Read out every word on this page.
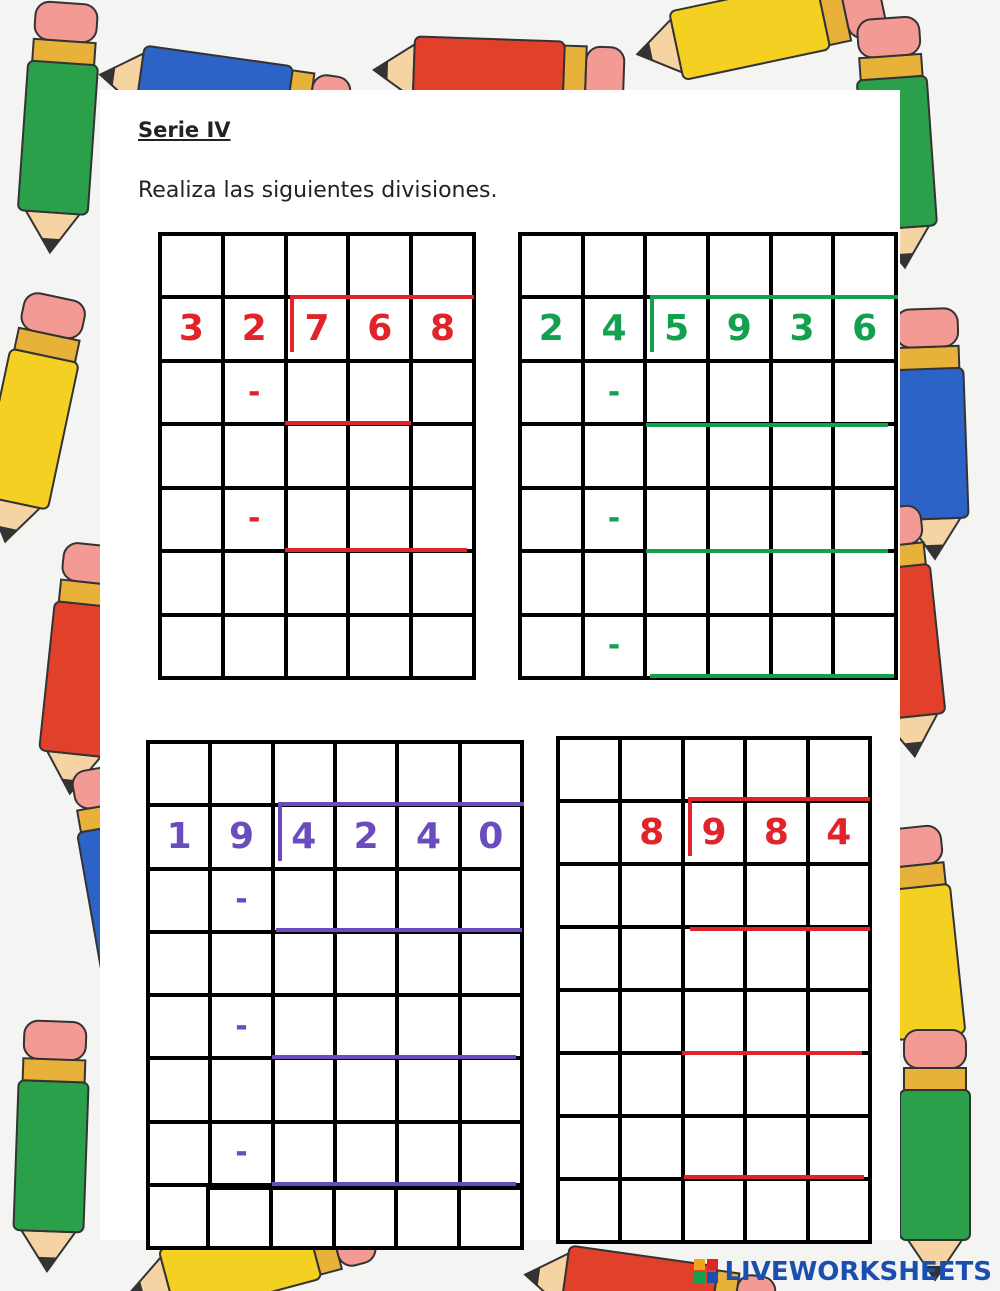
Serie IV
Realiza las siguientes divisiones.
3 2 7 6 8
-
-
2 4 5 9 3 6
-
-
-
1 9 4 2 4 0
-
-
-
8 9 8 4
LIVEWORKSHEETS
